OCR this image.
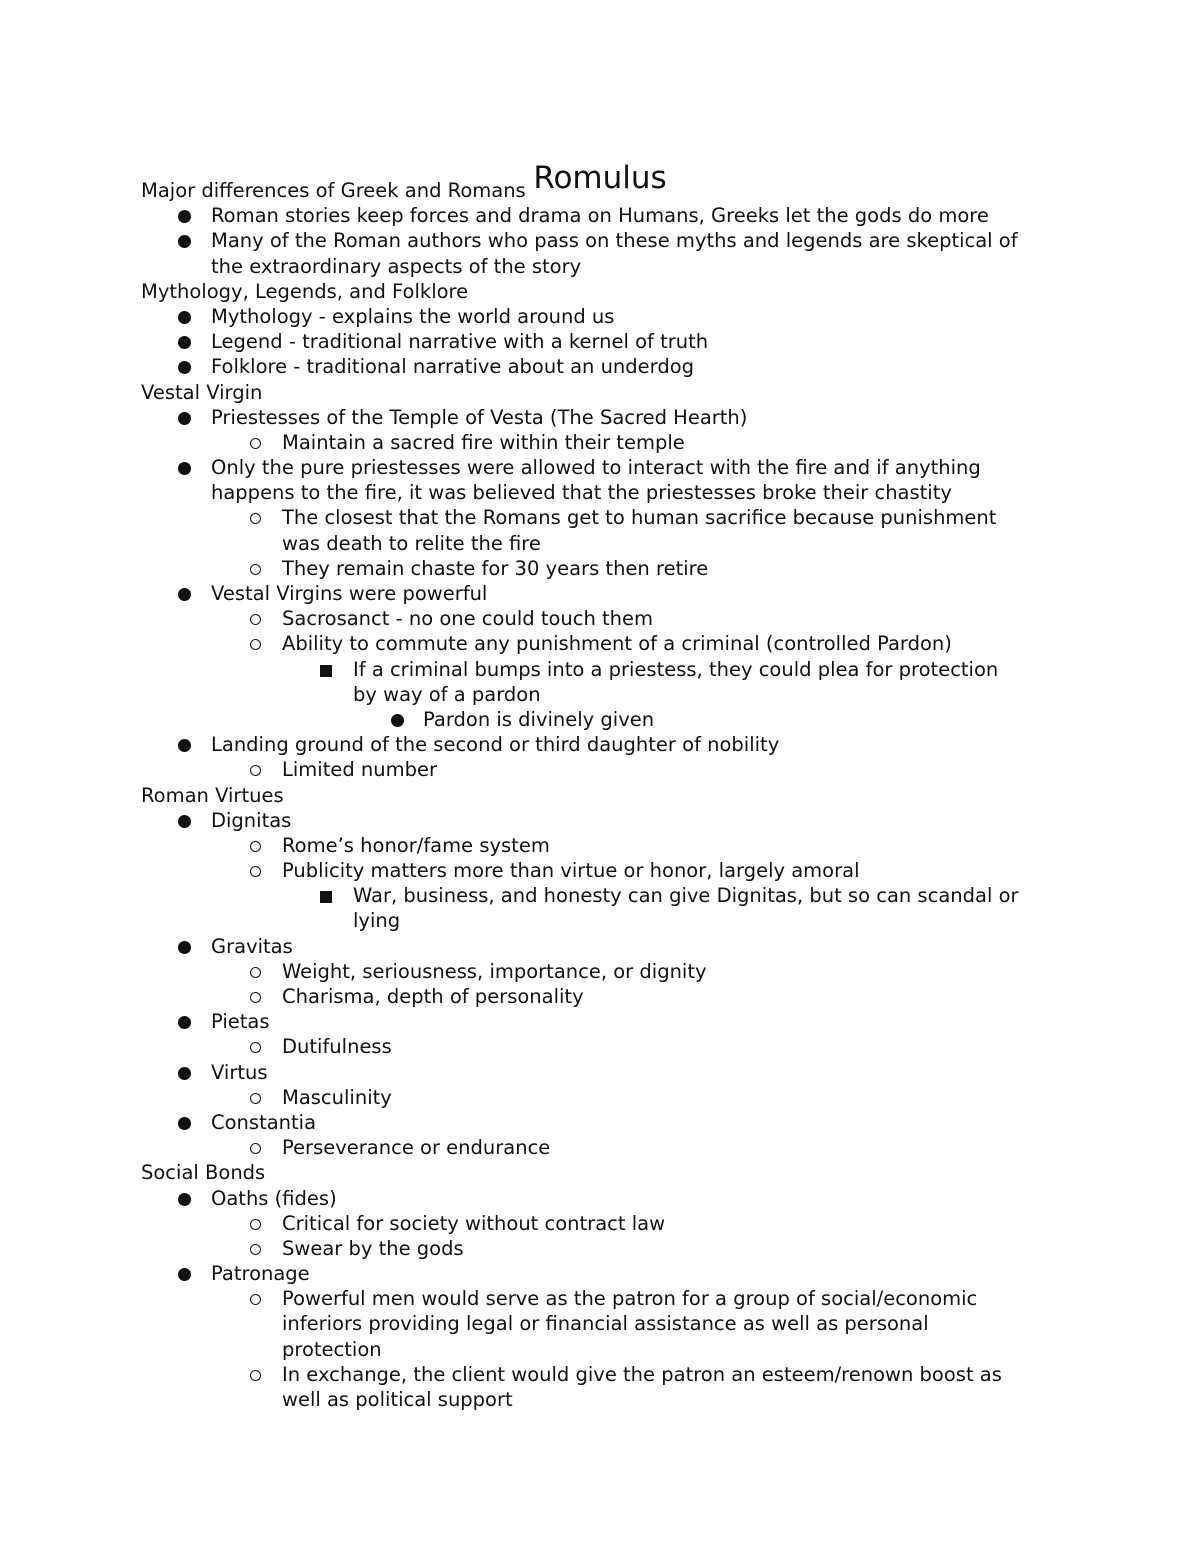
Romulus
Major differences of Greek and Romans
Roman stories keep forces and drama on Humans, Greeks let the gods do more
Many of the Roman authors who pass on these myths and legends are skeptical of
the extraordinary aspects of the story
Mythology, Legends, and Folklore
Mythology - explains the world around us
Legend - traditional narrative with a kernel of truth
Folklore - traditional narrative about an underdog
Vestal Virgin
Priestesses of the Temple of Vesta (The Sacred Hearth)
Maintain a sacred fire within their temple
Only the pure priestesses were allowed to interact with the fire and if anything
happens to the fire, it was believed that the priestesses broke their chastity
The closest that the Romans get to human sacrifice because punishment
was death to relite the fire
They remain chaste for 30 years then retire
Vestal Virgins were powerful
Sacrosanct - no one could touch them
Ability to commute any punishment of a criminal (controlled Pardon)
If a criminal bumps into a priestess, they could plea for protection
by way of a pardon
Pardon is divinely given
Landing ground of the second or third daughter of nobility
Limited number
Roman Virtues
Dignitas
Rome’s honor/fame system
Publicity matters more than virtue or honor, largely amoral
War, business, and honesty can give Dignitas, but so can scandal or
lying
Gravitas
Weight, seriousness, importance, or dignity
Charisma, depth of personality
Pietas
Dutifulness
Virtus
Masculinity
Constantia
Perseverance or endurance
Social Bonds
Oaths (fides)
Critical for society without contract law
Swear by the gods
Patronage
Powerful men would serve as the patron for a group of social/economic
inferiors providing legal or financial assistance as well as personal
protection
In exchange, the client would give the patron an esteem/renown boost as
well as political support
